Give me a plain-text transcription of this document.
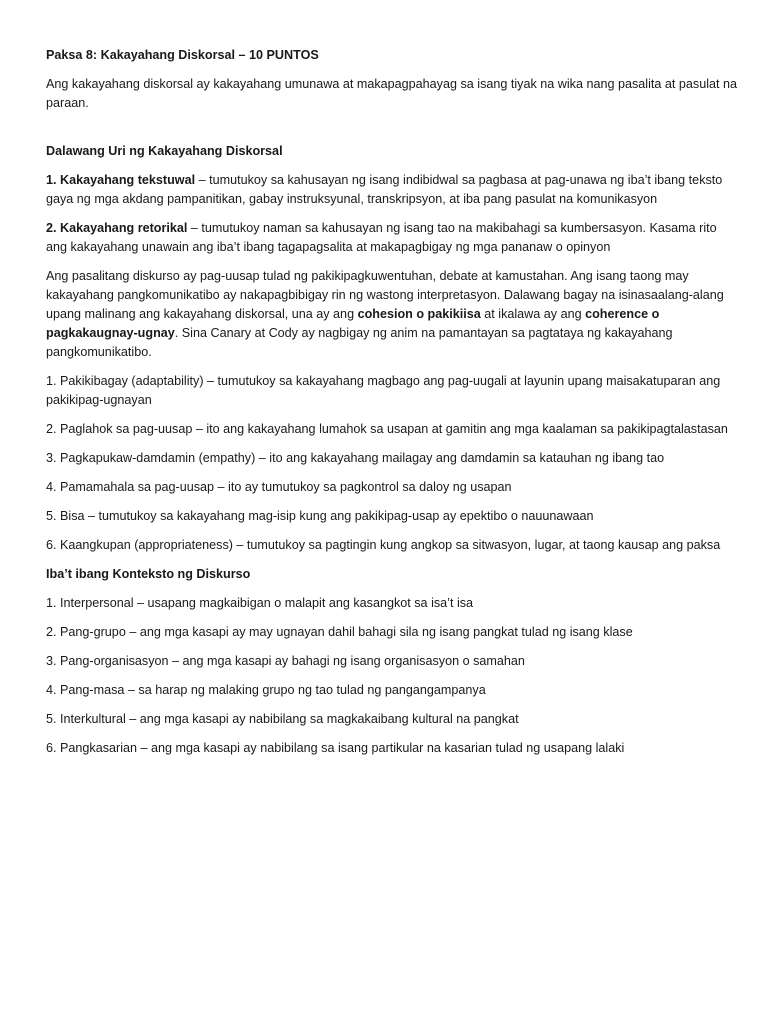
Paksa 8: Kakayahang Diskorsal – 10 PUNTOS

Ang kakayahang diskorsal ay kakayahang umunawa at makapagpahayag sa isang tiyak na wika nang pasalita at pasulat na paraan.

Dalawang Uri ng Kakayahang Diskorsal

1. Kakayahang tekstuwal – tumutukoy sa kahusayan ng isang indibidwal sa pagbasa at pag-unawa ng iba’t ibang teksto gaya ng mga akdang pampanitikan, gabay instruksyunal, transkripsyon, at iba pang pasulat na komunikasyon

2. Kakayahang retorikal – tumutukoy naman sa kahusayan ng isang tao na makibahagi sa kumbersasyon. Kasama rito ang kakayahang unawain ang iba’t ibang tagapagsalita at makapagbigay ng mga pananaw o opinyon

Ang pasalitang diskurso ay pag-uusap tulad ng pakikipagkuwentuhan, debate at kamustahan. Ang isang taong may kakayahang pangkomunikatibo ay nakapagbibigay rin ng wastong interpretasyon. Dalawang bagay na isinasaalang-alang upang malinang ang kakayahang diskorsal, una ay ang cohesion o pakikiisa at ikalawa ay ang coherence o pagkakaugnay-ugnay. Sina Canary at Cody ay nagbigay ng anim na pamantayan sa pagtataya ng kakayahang pangkomunikatibo.

1. Pakikibagay (adaptability) – tumutukoy sa kakayahang magbago ang pag-uugali at layunin upang maisakatuparan ang pakikipag-ugnayan

2. Paglahok sa pag-uusap – ito ang kakayahang lumahok sa usapan at gamitin ang mga kaalaman sa pakikipagtalastasan

3. Pagkapukaw-damdamin (empathy) – ito ang kakayahang mailagay ang damdamin sa katauhan ng ibang tao

4. Pamamahala sa pag-uusap – ito ay tumutukoy sa pagkontrol sa daloy ng usapan

5. Bisa – tumutukoy sa kakayahang mag-isip kung ang pakikipag-usap ay epektibo o nauunawaan

6. Kaangkupan (appropriateness) – tumutukoy sa pagtingin kung angkop sa sitwasyon, lugar, at taong kausap ang paksa

Iba’t ibang Konteksto ng Diskurso

1. Interpersonal – usapang magkaibigan o malapit ang kasangkot sa isa’t isa

2. Pang-grupo – ang mga kasapi ay may ugnayan dahil bahagi sila ng isang pangkat tulad ng isang klase

3. Pang-organisasyon – ang mga kasapi ay bahagi ng isang organisasyon o samahan

4. Pang-masa – sa harap ng malaking grupo ng tao tulad ng pangangampanya

5. Interkultural – ang mga kasapi ay nabibilang sa magkakaibang kultural na pangkat

6. Pangkasarian – ang mga kasapi ay nabibilang sa isang partikular na kasarian tulad ng usapang lalaki
